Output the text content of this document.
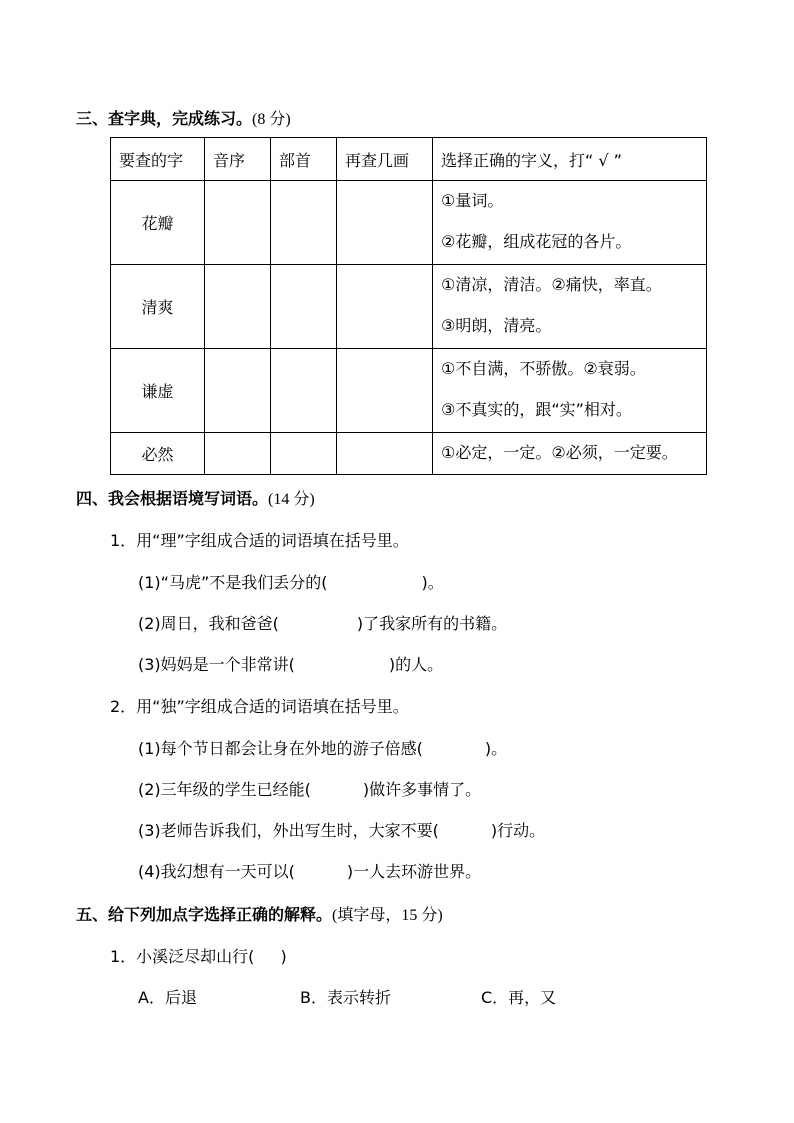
三、查字典，完成练习。(8 分)
要查的字	音序	部首	再查几画	选择正确的字义，打“ √ ”
花瓣				①量词。
②花瓣，组成花冠的各片。

清爽				①清凉，清洁。②痛快，率直。
③明朗，清亮。

谦虚				①不自满，不骄傲。②衰弱。
③不真实的，跟“实”相对。

必然				①必定，一定。②必须，一定要。
四、我会根据语境写词语。(14 分)
1．用“理”字组成合适的词语填在括号里。
(1)“马虎”不是我们丢分的(	)。
(2)周日，我和爸爸(	)了我家所有的书籍。
(3)妈妈是一个非常讲(	)的人。
2．用“独”字组成合适的词语填在括号里。
(1)每个节日都会让身在外地的游子倍感(	)。
(2)三年级的学生已经能(	)做许多事情了。
(3)老师告诉我们，外出写生时，大家不要(	)行动。
(4)我幻想有一天可以(	)一人去环游世界。
五、给下列加点字选择正确的解释。(填字母，15 分)
1．小溪泛尽却山行( )
A．后退	B．表示转折	C．再，又
